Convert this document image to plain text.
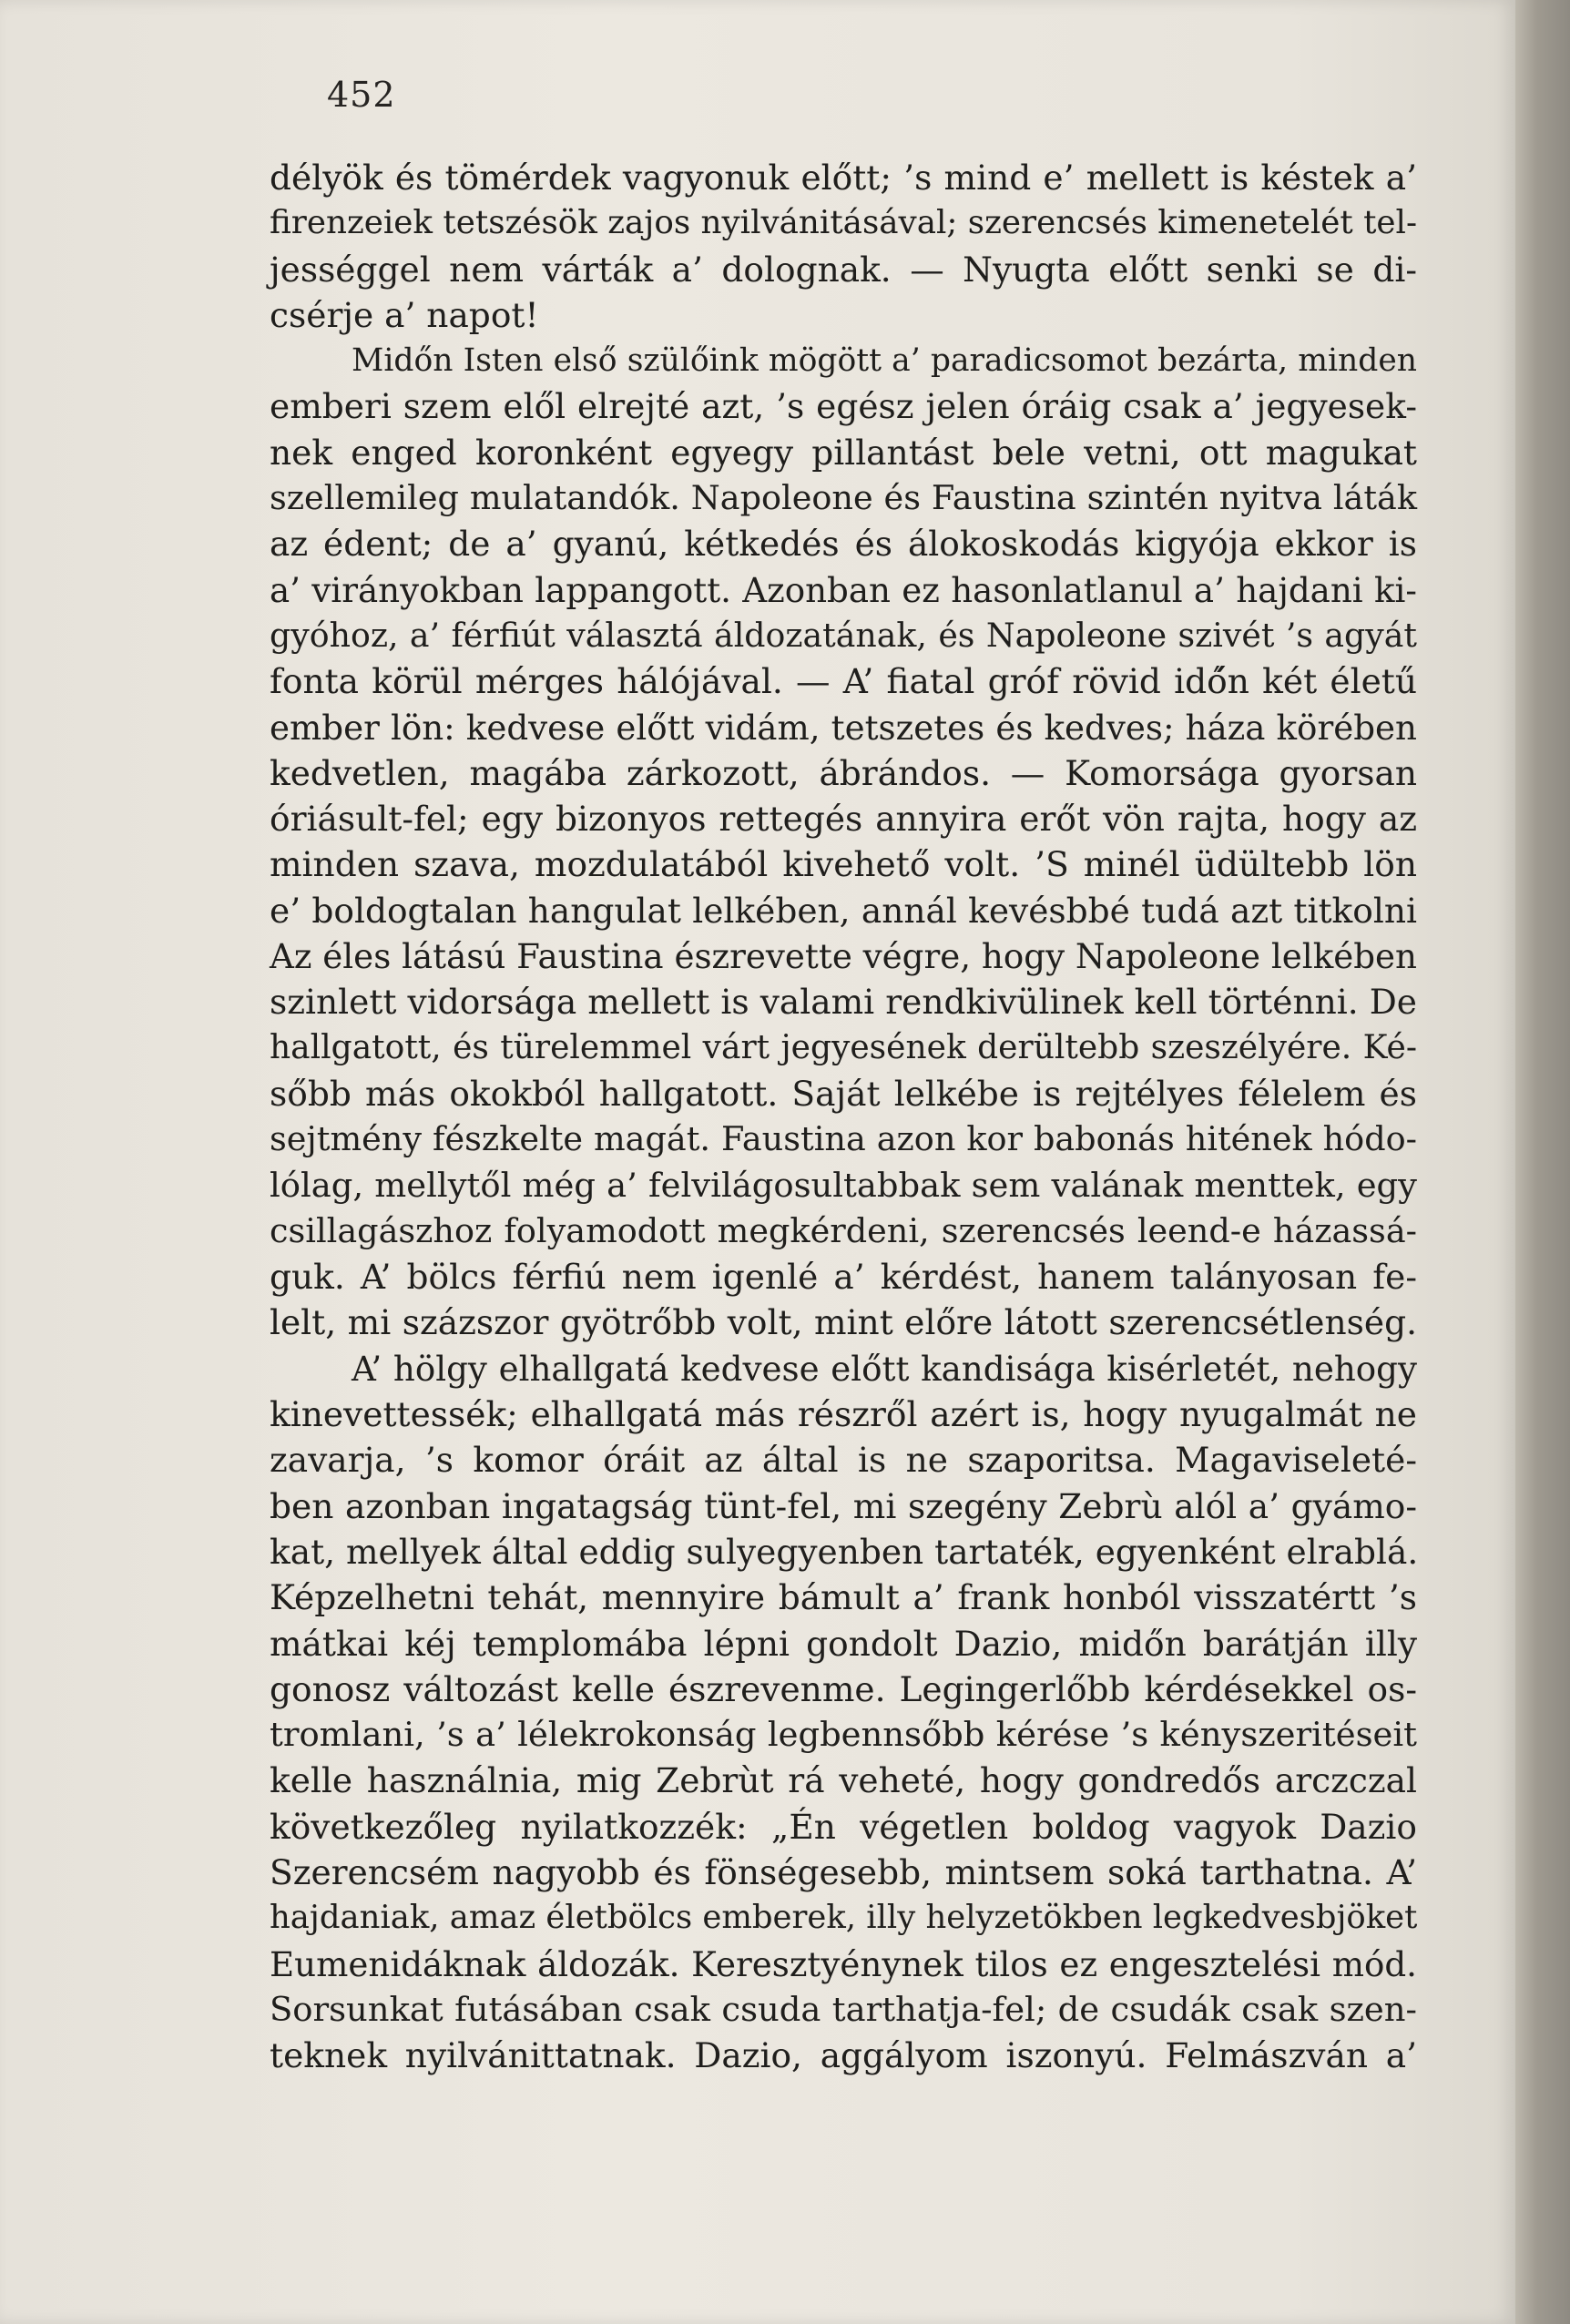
452
délyök és tömérdek vagyonuk előtt; ’s mind e’ mellett is késtek a’
firenzeiek tetszésök zajos nyilvánitásával; szerencsés kimenetelét tel-
jességgel nem várták a’ dolognak. — Nyugta előtt senki se di-
csérje a’ napot!
Midőn Isten első szülőink mögött a’ paradicsomot bezárta, minden
emberi szem elől elrejté azt, ’s egész jelen óráig csak a’ jegyesek-
nek enged koronként egyegy pillantást bele vetni, ott magukat
szellemileg mulatandók. Napoleone és Faustina szintén nyitva láták
az édent; de a’ gyanú, kétkedés és álokoskodás kigyója ekkor is
a’ virányokban lappangott. Azonban ez hasonlatlanul a’ hajdani ki-
gyóhoz, a’ férfiút választá áldozatának, és Napoleone szivét ’s agyát
fonta körül mérges hálójával. — A’ fiatal gróf rövid idő́n két életű
ember lön: kedvese előtt vidám, tetszetes és kedves; háza körében
kedvetlen, magába zárkozott, ábrándos. — Komorsága gyorsan
óriásult-fel; egy bizonyos rettegés annyira erőt vön rajta, hogy az
minden szava, mozdulatából kivehető volt. ’S minél üdültebb lön
e’ boldogtalan hangulat lelkében, annál kevésbbé tudá azt titkolni
Az éles látású Faustina észrevette végre, hogy Napoleone lelkében
szinlett vidorsága mellett is valami rendkivülinek kell történni. De
hallgatott, és türelemmel várt jegyesének derültebb szeszélyére. Ké-
sőbb más okokból hallgatott. Saját lelkébe is rejtélyes félelem és
sejtmény fészkelte magát. Faustina azon kor babonás hitének hódo-
lólag, mellytől még a’ felvilágosultabbak sem valának menttek, egy
csillagászhoz folyamodott megkérdeni, szerencsés leend-e házassá-
guk. A’ bölcs férfiú nem igenlé a’ kérdést, hanem talányosan fe-
lelt, mi százszor gyötrőbb volt, mint előre látott szerencsétlenség.
A’ hölgy elhallgatá kedvese előtt kandisága kisérletét, nehogy
kinevettessék; elhallgatá más részről azért is, hogy nyugalmát ne
zavarja, ’s komor óráit az által is ne szaporitsa. Magaviseleté-
ben azonban ingatagság tünt-fel, mi szegény Zebrù alól a’ gyámo-
kat, mellyek által eddig sulyegyenben tartaték, egyenként elrablá.
Képzelhetni tehát, mennyire bámult a’ frank honból visszatértt ’s
mátkai kéj templomába lépni gondolt Dazio, midőn barátján illy
gonosz változást kelle észrevenme. Legingerlőbb kérdésekkel os-
tromlani, ’s a’ lélekrokonság legbennsőbb kérése ’s kényszeritéseit
kelle használnia, mig Zebrùt rá veheté, hogy gondredős arczczal
következőleg nyilatkozzék: „Én végetlen boldog vagyok Dazio
Szerencsém nagyobb és fönségesebb, mintsem soká tarthatna. A’
hajdaniak, amaz életbölcs emberek, illy helyzetökben legkedvesbjöket
Eumenidáknak áldozák. Keresztyénynek tilos ez engesztelési mód.
Sorsunkat futásában csak csuda tarthatja-fel; de csudák csak szen-
teknek nyilvánittatnak. Dazio, aggályom iszonyú. Felmászván a’
